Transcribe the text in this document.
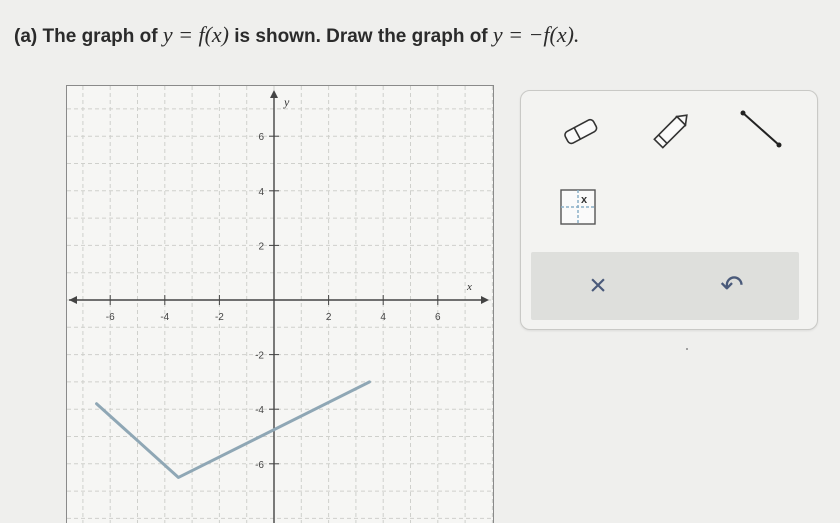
(a) The graph of y = f(x) is shown. Draw the graph of y = −f(x).
x
y
-6	-4	-2	2	4	6
6
4
2
-2
-4
-6
x
×	↶
